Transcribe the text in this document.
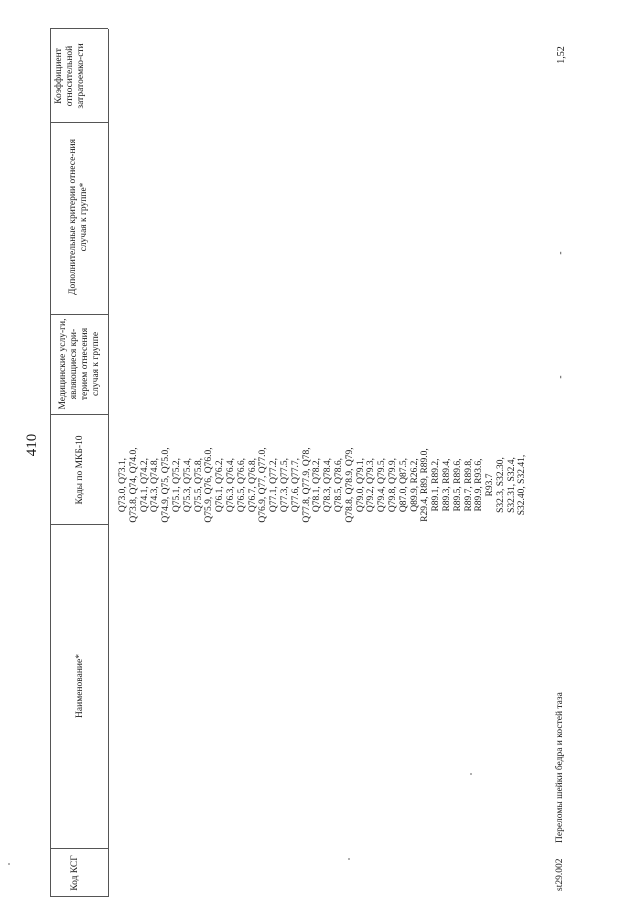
410
Код КСГ
Наименование*
Коды по МКБ-10
Медицинские услу-ги, являющиеся кри-терием отнесения случая к группе
Дополнительные критерии отнесе-ния случая к группе*
Коэффициент относительной затратоемко-сти
Q73.0, Q73.1, Q73.8, Q74, Q74.0, Q74.1, Q74.2, Q74.3, Q74.8, Q74.9, Q75, Q75.0, Q75.1, Q75.2, Q75.3, Q75.4, Q75.5, Q75.8, Q75.9, Q76, Q76.0, Q76.1, Q76.2, Q76.3, Q76.4, Q76.5, Q76.6, Q76.7, Q76.8, Q76.9, Q77, Q77.0, Q77.1, Q77.2, Q77.3, Q77.5, Q77.6, Q77.7, Q77.8, Q77.9, Q78, Q78.1, Q78.2, Q78.3, Q78.4, Q78.5, Q78.6, Q78.8, Q78.9, Q79, Q79.0, Q79.1, Q79.2, Q79.3, Q79.4, Q79.5, Q79.8, Q79.9, Q87.0, Q87.5, Q89.9, R26.2, R29.4, R89, R89.0, R89.1, R89.2, R89.3, R89.4, R89.5, R89.6, R89.7, R89.8, R89.9, R93.6, R93.7 S32.3, S32.30, S32.31, S32.4, S32.40, S32.41,
st29.002
Переломы шейки бедра и костей таза
-
-
1,52
